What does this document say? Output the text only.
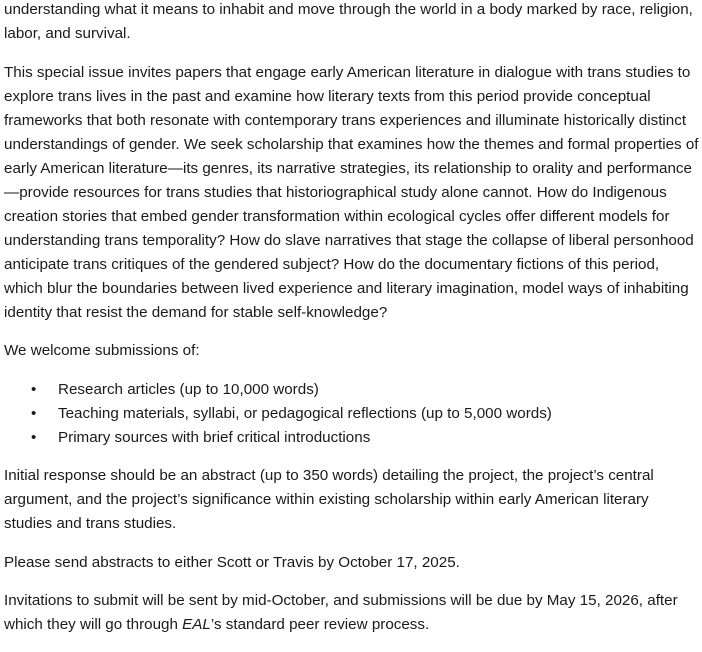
understanding what it means to inhabit and move through the world in a body marked by race, religion, labor, and survival.

This special issue invites papers that engage early American literature in dialogue with trans studies to explore trans lives in the past and examine how literary texts from this period provide conceptual frameworks that both resonate with contemporary trans experiences and illuminate historically distinct understandings of gender. We seek scholarship that examines how the themes and formal properties of early American literature—its genres, its narrative strategies, its relationship to orality and performance—provide resources for trans studies that historiographical study alone cannot. How do Indigenous creation stories that embed gender transformation within ecological cycles offer different models for understanding trans temporality? How do slave narratives that stage the collapse of liberal personhood anticipate trans critiques of the gendered subject? How do the documentary fictions of this period, which blur the boundaries between lived experience and literary imagination, model ways of inhabiting identity that resist the demand for stable self-knowledge?

We welcome submissions of:

• Research articles (up to 10,000 words)
• Teaching materials, syllabi, or pedagogical reflections (up to 5,000 words)
• Primary sources with brief critical introductions

Initial response should be an abstract (up to 350 words) detailing the project, the project’s central argument, and the project’s significance within existing scholarship within early American literary studies and trans studies.

Please send abstracts to either Scott or Travis by October 17, 2025.

Invitations to submit will be sent by mid-October, and submissions will be due by May 15, 2026, after which they will go through EAL’s standard peer review process.
